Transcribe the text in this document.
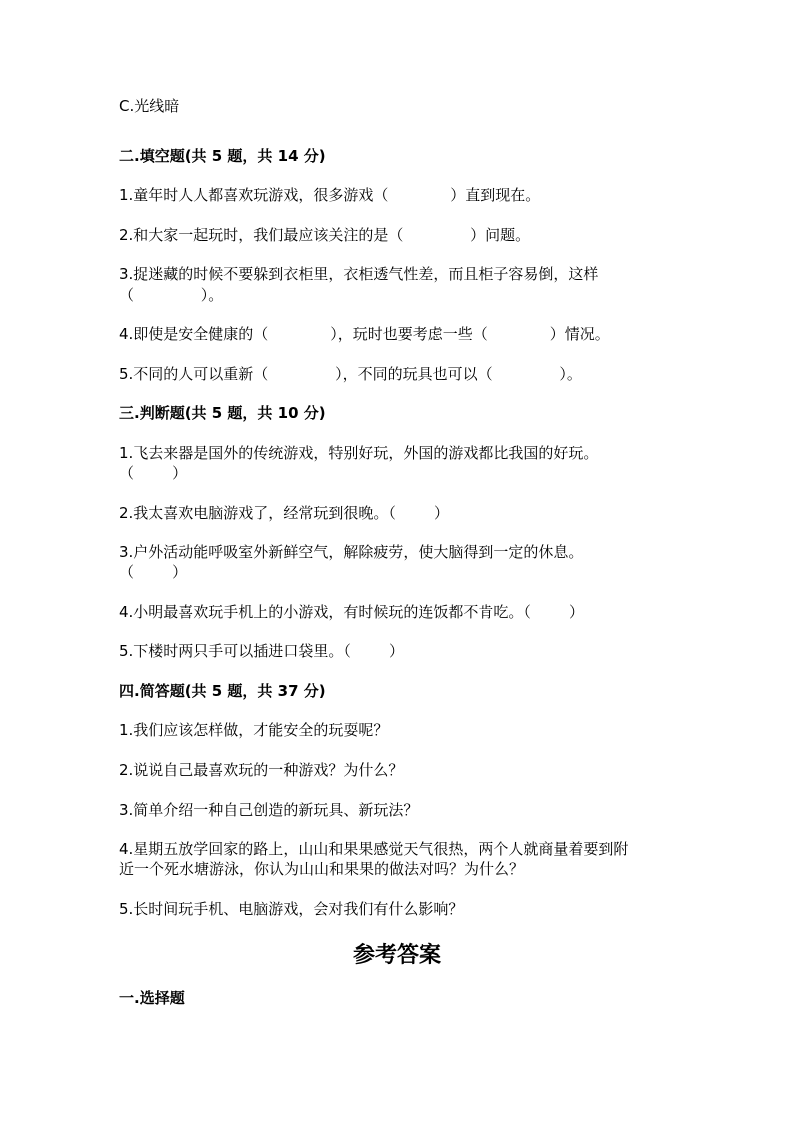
C.光线暗
二.填空题(共 5 题，共 14 分)
1.童年时人人都喜欢玩游戏，很多游戏（             ）直到现在。
2.和大家一起玩时，我们最应该关注的是（              ）问题。
3.捉迷藏的时候不要躲到衣柜里，衣柜透气性差，而且柜子容易倒，这样
（              ）。
4.即使是安全健康的（             ），玩时也要考虑一些（             ）情况。
5.不同的人可以重新（              ），不同的玩具也可以（              ）。
三.判断题(共 5 题，共 10 分)
1.飞去来器是国外的传统游戏，特别好玩，外国的游戏都比我国的好玩。
（        ）
2.我太喜欢电脑游戏了，经常玩到很晚。（        ）
3.户外活动能呼吸室外新鲜空气，解除疲劳，使大脑得到一定的休息。
（        ）
4.小明最喜欢玩手机上的小游戏，有时候玩的连饭都不肯吃。（        ）
5.下楼时两只手可以插进口袋里。（        ）
四.简答题(共 5 题，共 37 分)
1.我们应该怎样做，才能安全的玩耍呢？
2.说说自己最喜欢玩的一种游戏？为什么？
3.简单介绍一种自己创造的新玩具、新玩法？
4.星期五放学回家的路上，山山和果果感觉天气很热，两个人就商量着要到附
近一个死水塘游泳，你认为山山和果果的做法对吗？为什么？
5.长时间玩手机、电脑游戏，会对我们有什么影响？
参考答案
一.选择题
